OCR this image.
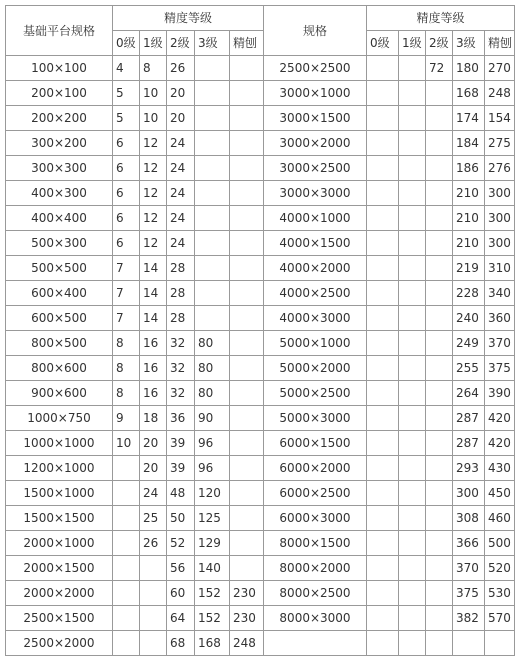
基础平台规格	精度等级					规格	精度等级				
	0级	1级	2级	3级	精刨		0级	1级	2级	3级	精刨
100×100	4	8	26			2500×2500			72	180	270
200×100	5	10	20			3000×1000				168	248
200×200	5	10	20			3000×1500				174	154
300×200	6	12	24			3000×2000				184	275
300×300	6	12	24			3000×2500				186	276
400×300	6	12	24			3000×3000				210	300
400×400	6	12	24			4000×1000				210	300
500×300	6	12	24			4000×1500				210	300
500×500	7	14	28			4000×2000				219	310
600×400	7	14	28			4000×2500				228	340
600×500	7	14	28			4000×3000				240	360
800×500	8	16	32	80		5000×1000				249	370
800×600	8	16	32	80		5000×2000				255	375
900×600	8	16	32	80		5000×2500				264	390
1000×750	9	18	36	90		5000×3000				287	420
1000×1000	10	20	39	96		6000×1500				287	420
1200×1000		20	39	96		6000×2000				293	430
1500×1000		24	48	120		6000×2500				300	450
1500×1500		25	50	125		6000×3000				308	460
2000×1000		26	52	129		8000×1500				366	500
2000×1500			56	140		8000×2000				370	520
2000×2000			60	152	230	8000×2500				375	530
2500×1500			64	152	230	8000×3000				382	570
2500×2000			68	168	248						
